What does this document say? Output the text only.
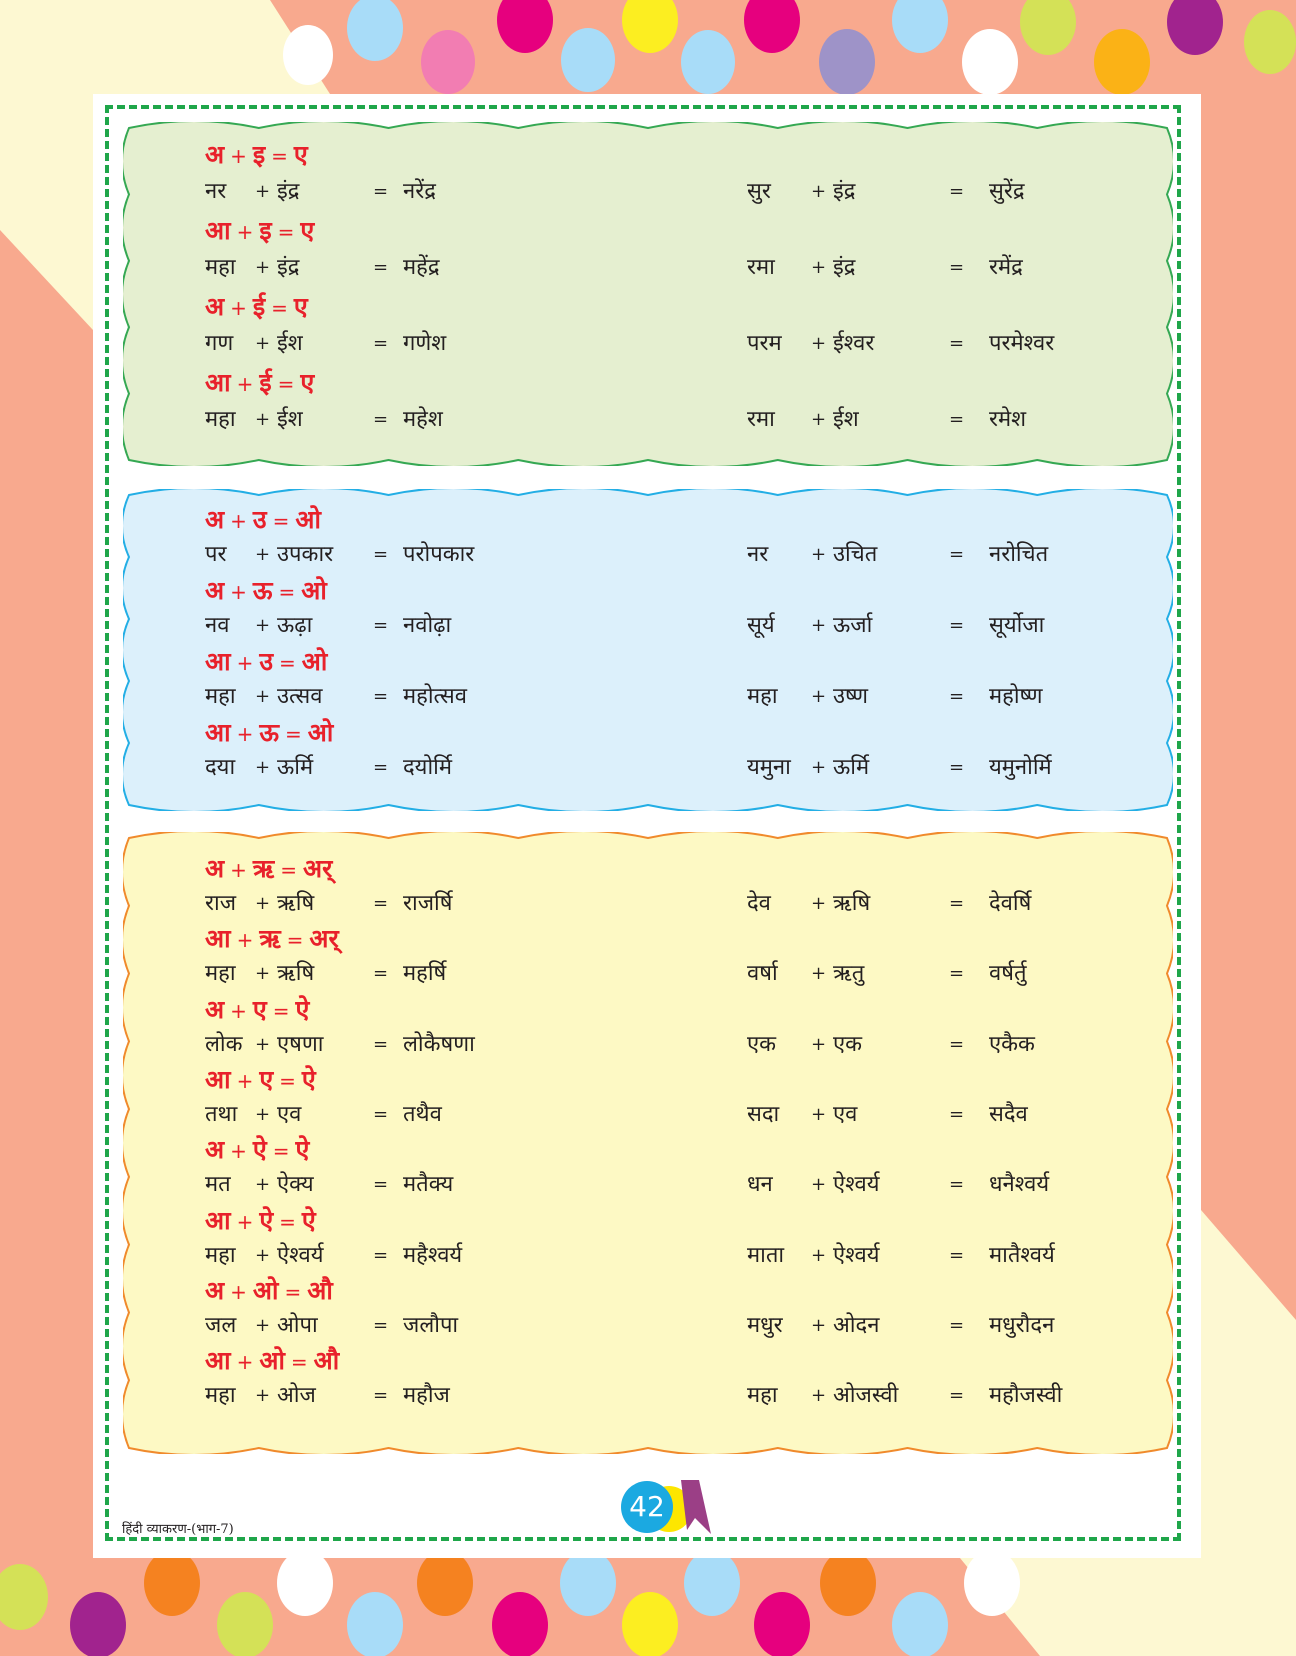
अ + इ = ए
नर + इंद्र	= नरेंद्र	सुर + इंद्र	= सुरेंद्र
आ + इ = ए
महा + इंद्र	= महेंद्र	रमा + इंद्र	= रमेंद्र
अ + ई = ए
गण + ईश	= गणेश	परम + ईश्वर	= परमेश्वर
आ + ई = ए
महा + ईश	= महेश	रमा + ईश	= रमेश
अ + उ = ओ
पर + उपकार = परोपकार	नर + उचित	= नरोचित
अ + ऊ = ओ
नव + ऊढ़ा	= नवोढ़ा	सूर्य + ऊर्जा	= सूर्योजा
आ + उ = ओ
महा + उत्सव	= महोत्सव	महा + उष्ण	= महोष्ण
आ + ऊ = ओ
दया + ऊर्मि	= दयोर्मि	यमुना + ऊर्मि	= यमुनोर्मि
अ + ऋ = अर्
राज + ऋषि	= राजर्षि	देव + ऋषि	= देवर्षि
आ + ऋ = अर्
महा + ऋषि	= महर्षि	वर्षा + ऋतु	= वर्षर्तु
अ + ए = ऐ
लोक + एषणा	= लोकैषणा	एक + एक	= एकैक
आ + ए = ऐ
तथा + एव	= तथैव	सदा + एव	= सदैव
अ + ऐ = ऐ
मत + ऐक्य	= मतैक्य	धन + ऐश्वर्य	= धनैश्वर्य
आ + ऐ = ऐ
महा + ऐश्वर्य	= महैश्वर्य	माता + ऐश्वर्य	= मातैश्वर्य
अ + ओ = औ
जल + ओपा	= जलौपा	मधुर + ओदन	= मधुरौदन
आ + ओ = औ
महा + ओज	= महौज	महा + ओजस्वी	= महौजस्वी
हिंदी व्याकरण-(भाग-7)
42
